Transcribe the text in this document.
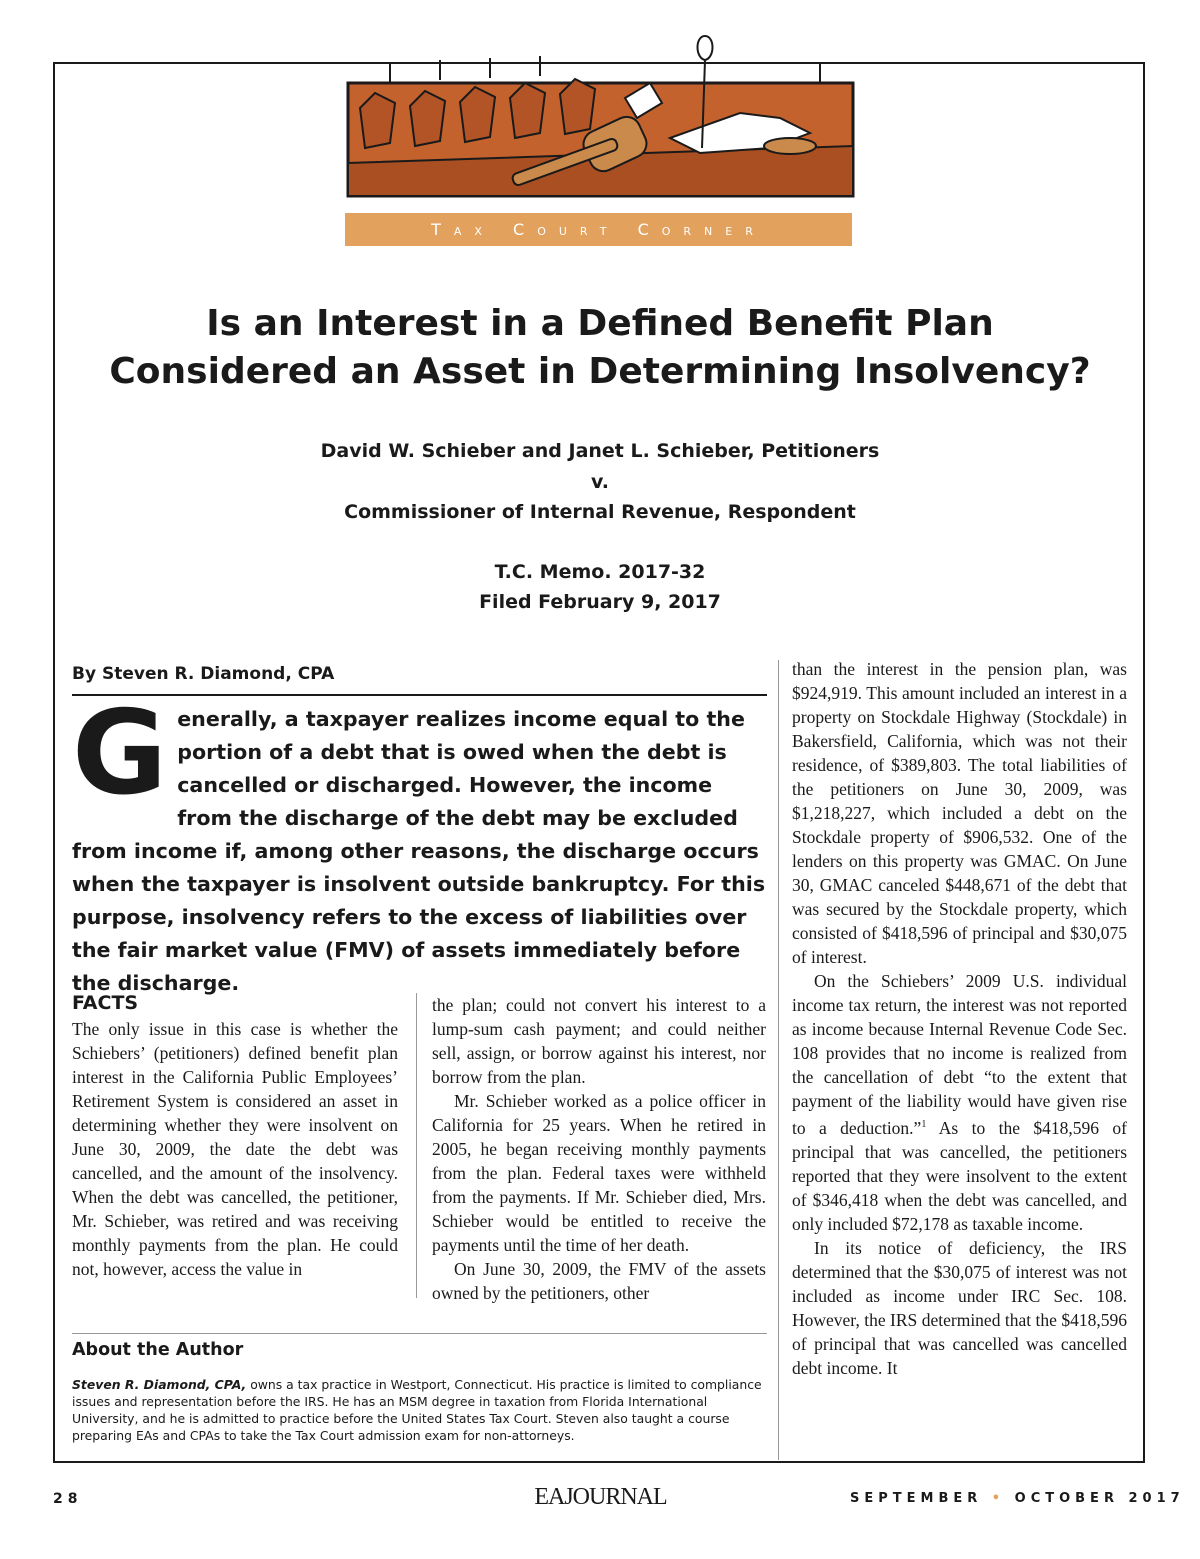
Tax Court Corner
Is an Interest in a Defined Benefit Plan
Considered an Asset in Determining Insolvency?
David W. Schieber and Janet L. Schieber, Petitioners
v.
Commissioner of Internal Revenue, Respondent
T.C. Memo. 2017-32
Filed February 9, 2017
By Steven R. Diamond, CPA
Generally, a taxpayer realizes income equal to the portion of a debt that is owed when the debt is cancelled or discharged. However, the income from the discharge of the debt may be excluded from income if, among other reasons, the discharge occurs when the taxpayer is insolvent outside bankruptcy. For this purpose, insolvency refers to the excess of liabilities over the fair market value (FMV) of assets immediately before the discharge.
FACTS

The only issue in this case is whether the Schiebers’ (petitioners) defined benefit plan interest in the California Public Employees’ Retirement System is considered an asset in determining whether they were insolvent on June 30, 2009, the date the debt was cancelled, and the amount of the insolvency. When the debt was cancelled, the petitioner, Mr. Schieber, was retired and was receiving monthly payments from the plan. He could not, however, access the value in

the plan; could not convert his interest to a lump-sum cash payment; and could neither sell, assign, or borrow against his interest, nor borrow from the plan.

Mr. Schieber worked as a police officer in California for 25 years. When he retired in 2005, he began receiving monthly payments from the plan. Federal taxes were withheld from the payments. If Mr. Schieber died, Mrs. Schieber would be entitled to receive the payments until the time of her death.

On June 30, 2009, the FMV of the assets owned by the petitioners, other

than the interest in the pension plan, was $924,919. This amount included an interest in a property on Stockdale Highway (Stockdale) in Bakersfield, California, which was not their residence, of $389,803. The total liabilities of the petitioners on June 30, 2009, was $1,218,227, which included a debt on the Stockdale property of $906,532. One of the lenders on this property was GMAC. On June 30, GMAC canceled $448,671 of the debt that was secured by the Stockdale property, which consisted of $418,596 of principal and $30,075 of interest.

On the Schiebers’ 2009 U.S. individual income tax return, the interest was not reported as income because Internal Revenue Code Sec. 108 provides that no income is realized from the cancellation of debt “to the extent that payment of the liability would have given rise to a deduction.”$^1$ As to the $418,596 of principal that was cancelled, the petitioners reported that they were insolvent to the extent of $346,418 when the debt was cancelled, and only included $72,178 as taxable income.

In its notice of deficiency, the IRS determined that the $30,075 of interest was not included as income under IRC Sec. 108. However, the IRS determined that the $418,596 of principal that was cancelled was cancelled debt income. It

About the Author
Steven R. Diamond, CPA, owns a tax practice in Westport, Connecticut. His practice is limited to compliance issues and representation before the IRS. He has an MSM degree in taxation from Florida International University, and he is admitted to practice before the United States Tax Court. Steven also taught a course preparing EAs and CPAs to take the Tax Court admission exam for non-attorneys.
28	EAJOURNAL	SEPTEMBER • OCTOBER 2017
